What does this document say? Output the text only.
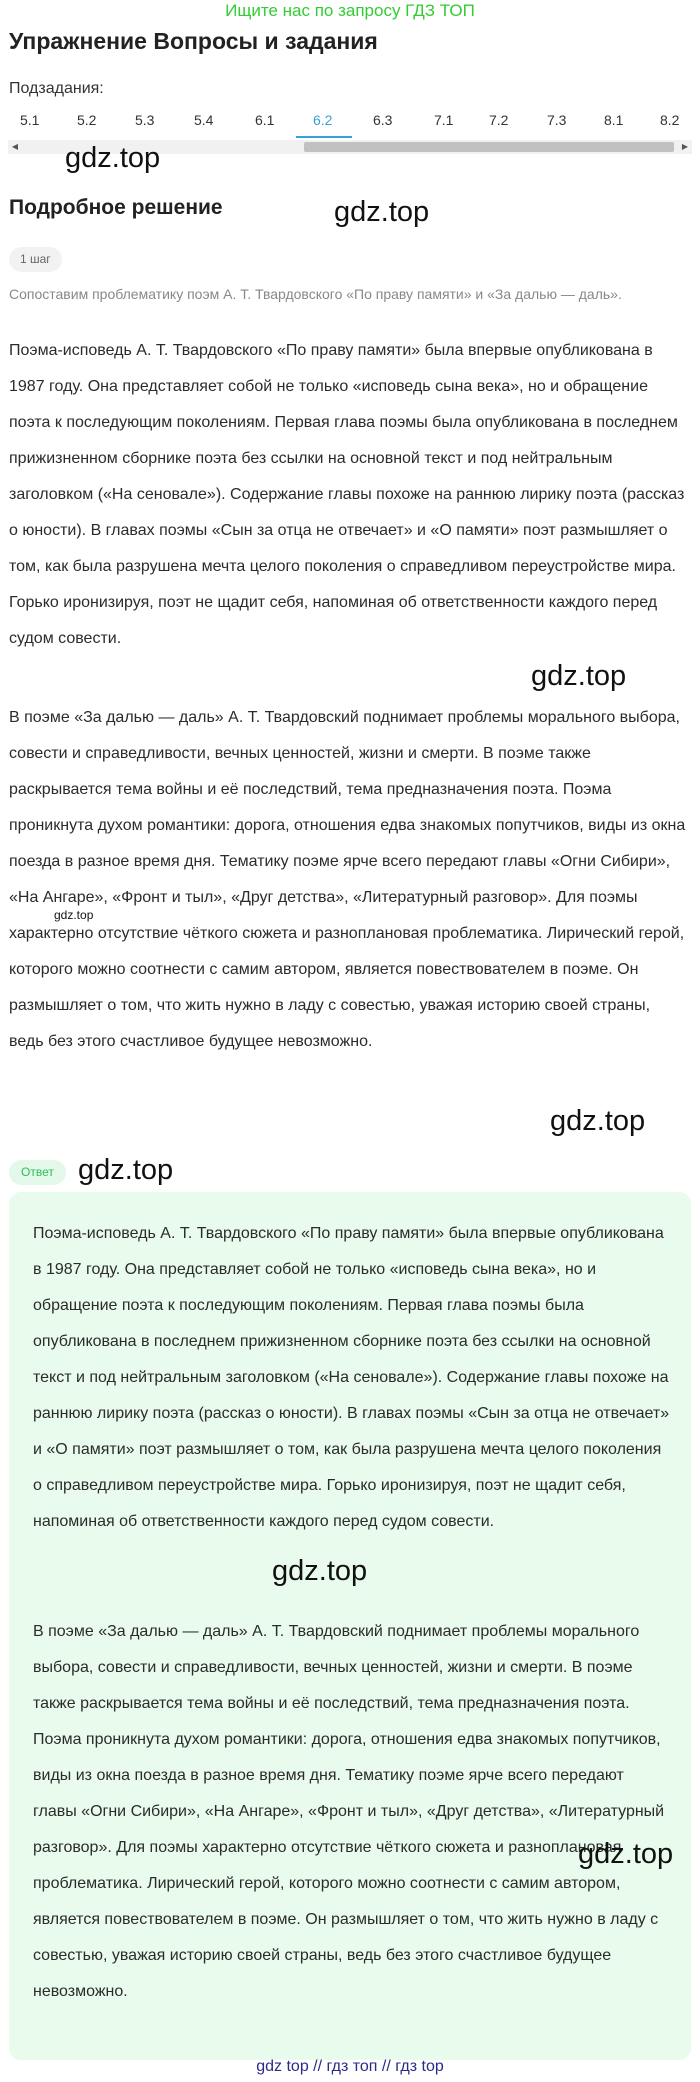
Ищите нас по запросу ГДЗ ТОП
Упражнение Вопросы и задания
Подзадания:
5.1	5.2	5.3	5.4	6.1	6.2	6.3	7.1	7.2	7.3	8.1	8.2
◀	▶
gdz.top
Подробное решение	gdz.top
1 шаг
Сопоставим проблематику поэм А. Т. Твардовского «По праву памяти» и «За далью — даль».
Поэма-исповедь А. Т. Твардовского «По праву памяти» была впервые опубликована в 1987 году. Она представляет собой не только «исповедь сына века», но и обращение поэта к последующим поколениям. Первая глава поэмы была опубликована в последнем прижизненном сборнике поэта без ссылки на основной текст и под нейтральным заголовком («На сеновале»). Содержание главы похоже на раннюю лирику поэта (рассказ о юности). В главах поэмы «Сын за отца не отвечает» и «О памяти» поэт размышляет о том, как была разрушена мечта целого поколения о справедливом переустройстве мира. Горько иронизируя, поэт не щадит себя, напоминая об ответственности каждого перед судом совести.
gdz.top
В поэме «За далью — даль» А. Т. Твардовский поднимает проблемы морального выбора, совести и справедливости, вечных ценностей, жизни и смерти. В поэме также раскрывается тема войны и её последствий, тема предназначения поэта. Поэма проникнута духом романтики: дорога, отношения едва знакомых попутчиков, виды из окна поезда в разное время дня. Тематику поэме ярче всего передают главы «Огни Сибири», «На Ангаре», «Фронт и тыл», «Друг детства», «Литературный разговор». Для поэмы характерно отсутствие чёткого сюжета и разноплановая проблематика. Лирический герой, которого можно соотнести с самим автором, является повествователем в поэме. Он размышляет о том, что жить нужно в ладу с совестью, уважая историю своей страны, ведь без этого счастливое будущее невозможно.
gdz.top
gdz.top
Ответ gdz.top
Поэма-исповедь А. Т. Твардовского «По праву памяти» была впервые опубликована в 1987 году. Она представляет собой не только «исповедь сына века», но и обращение поэта к последующим поколениям. Первая глава поэмы была опубликована в последнем прижизненном сборнике поэта без ссылки на основной текст и под нейтральным заголовком («На сеновале»). Содержание главы похоже на раннюю лирику поэта (рассказ о юности). В главах поэмы «Сын за отца не отвечает» и «О памяти» поэт размышляет о том, как была разрушена мечта целого поколения о справедливом переустройстве мира. Горько иронизируя, поэт не щадит себя, напоминая об ответственности каждого перед судом совести.
В поэме «За далью — даль» А. Т. Твардовский поднимает проблемы морального выбора, совести и справедливости, вечных ценностей, жизни и смерти. В поэме также раскрывается тема войны и её последствий, тема предназначения поэта. Поэма проникнута духом романтики: дорога, отношения едва знакомых попутчиков, виды из окна поезда в разное время дня. Тематику поэме ярче всего передают главы «Огни Сибири», «На Ангаре», «Фронт и тыл», «Друг детства», «Литературный разговор». Для поэмы характерно отсутствие чёткого сюжета и разноплановая проблематика. Лирический герой, которого можно соотнести с самим автором, является повествователем в поэме. Он размышляет о том, что жить нужно в ладу с совестью, уважая историю своей страны, ведь без этого счастливое будущее невозможно.
gdz.top
gdz.top
gdz top // гдз топ // гдз top
